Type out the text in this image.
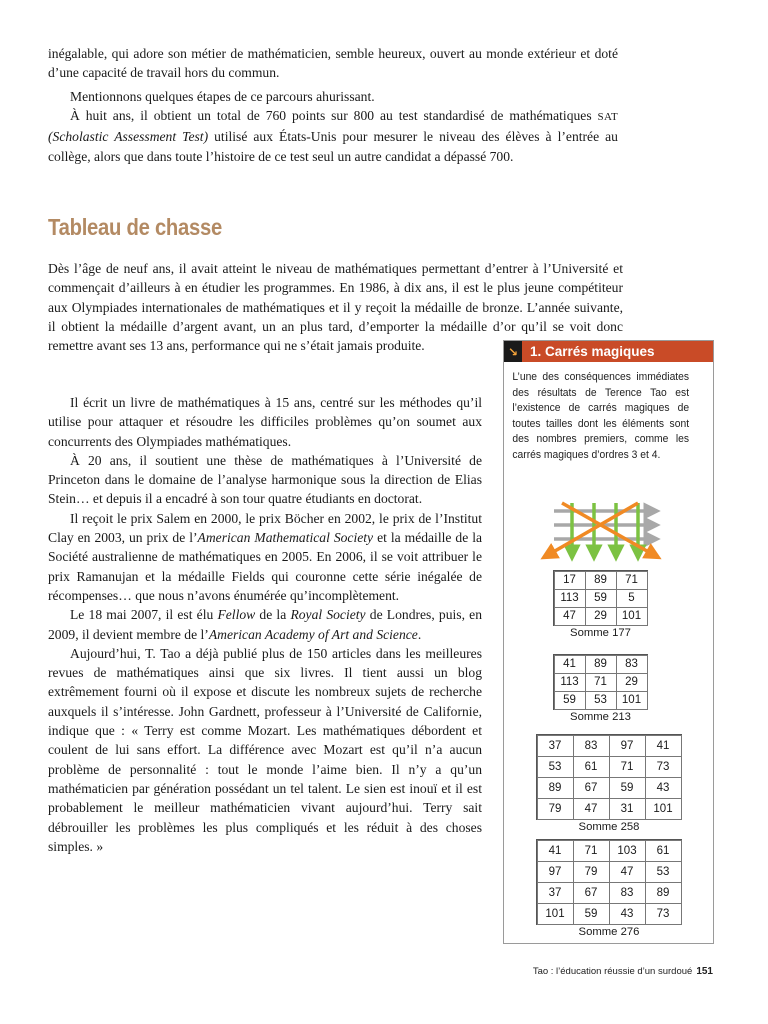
inégalable, qui adore son métier de mathématicien, semble heureux, ouvert au monde extérieur et doté d’une capacité de travail hors du commun.
Mentionnons quelques étapes de ce parcours ahurissant.
À huit ans, il obtient un total de 760 points sur 800 au test standardisé de mathématiques SAT (Scholastic Assessment Test) utilisé aux États-Unis pour mesurer le niveau des élèves à l’entrée au collège, alors que dans toute l’histoire de ce test seul un autre candidat a dépassé 700.
Tableau de chasse
Dès l’âge de neuf ans, il avait atteint le niveau de mathématiques permettant d’entrer à l’Université et commençait d’ailleurs à en étudier les programmes. En 1986, à dix ans, il est le plus jeune compétiteur aux Olympiades internationales de mathématiques et il y reçoit la médaille de bronze. L’année suivante, il obtient la médaille d’argent avant, un an plus tard, d’emporter la médaille d’or qu’il se voit donc remettre avant ses 13 ans, performance qui ne s’était jamais produite.

Il écrit un livre de mathématiques à 15 ans, centré sur les méthodes qu’il utilise pour attaquer et résoudre les difficiles problèmes qu’on soumet aux concurrents des Olympiades mathématiques.

À 20 ans, il soutient une thèse de mathématiques à l’Université de Princeton dans le domaine de l’analyse harmonique sous la direction de Elias Stein… et depuis il a encadré à son tour quatre étudiants en doctorat.

Il reçoit le prix Salem en 2000, le prix Böcher en 2002, le prix de l’Institut Clay en 2003, un prix de l’American Mathematical Society et la médaille de la Société australienne de mathématiques en 2005. En 2006, il se voit attribuer le prix Ramanujan et la médaille Fields qui couronne cette série inégalée de récompenses… que nous n’avons énumérée qu’incomplètement.

Le 18 mai 2007, il est élu Fellow de la Royal Society de Londres, puis, en 2009, il devient membre de l’American Academy of Art and Science.

Aujourd’hui, T. Tao a déjà publié plus de 150 articles dans les meilleures revues de mathématiques ainsi que six livres. Il tient aussi un blog extrêmement fourni où il expose et discute les nombreux sujets de recherche auxquels il s’intéresse. John Gardnett, professeur à l’Université de Californie, indique que : « Terry est comme Mozart. Les mathématiques débordent et coulent de lui sans effort. La différence avec Mozart est qu’il n’a aucun problème de personnalité : tout le monde l’aime bien. Il n’y a qu’un mathématicien par génération possédant un tel talent. Le sien est inouï et il est probablement le meilleur mathématicien vivant aujourd’hui. Terry sait débrouiller les problèmes les plus compliqués et les réduit à des choses simples. »

↘ 1. Carrés magiques
L’une des conséquences immédiates des résultats de Terence Tao est l’existence de carrés magiques de toutes tailles dont les éléments sont des nombres premiers, comme les carrés magiques d’ordres 3 et 4.
17	89	71
113	59	5
47	29	101
Somme 177
41	89	83
113	71	29
59	53	101
Somme 213
37	83	97	41
53	61	71	73
89	67	59	43
79	47	31	101
Somme 258
41	71	103	61
97	79	47	53
37	67	83	89
101	59	43	73
Somme 276
Tao : l’éducation réussie d’un surdoué 151
